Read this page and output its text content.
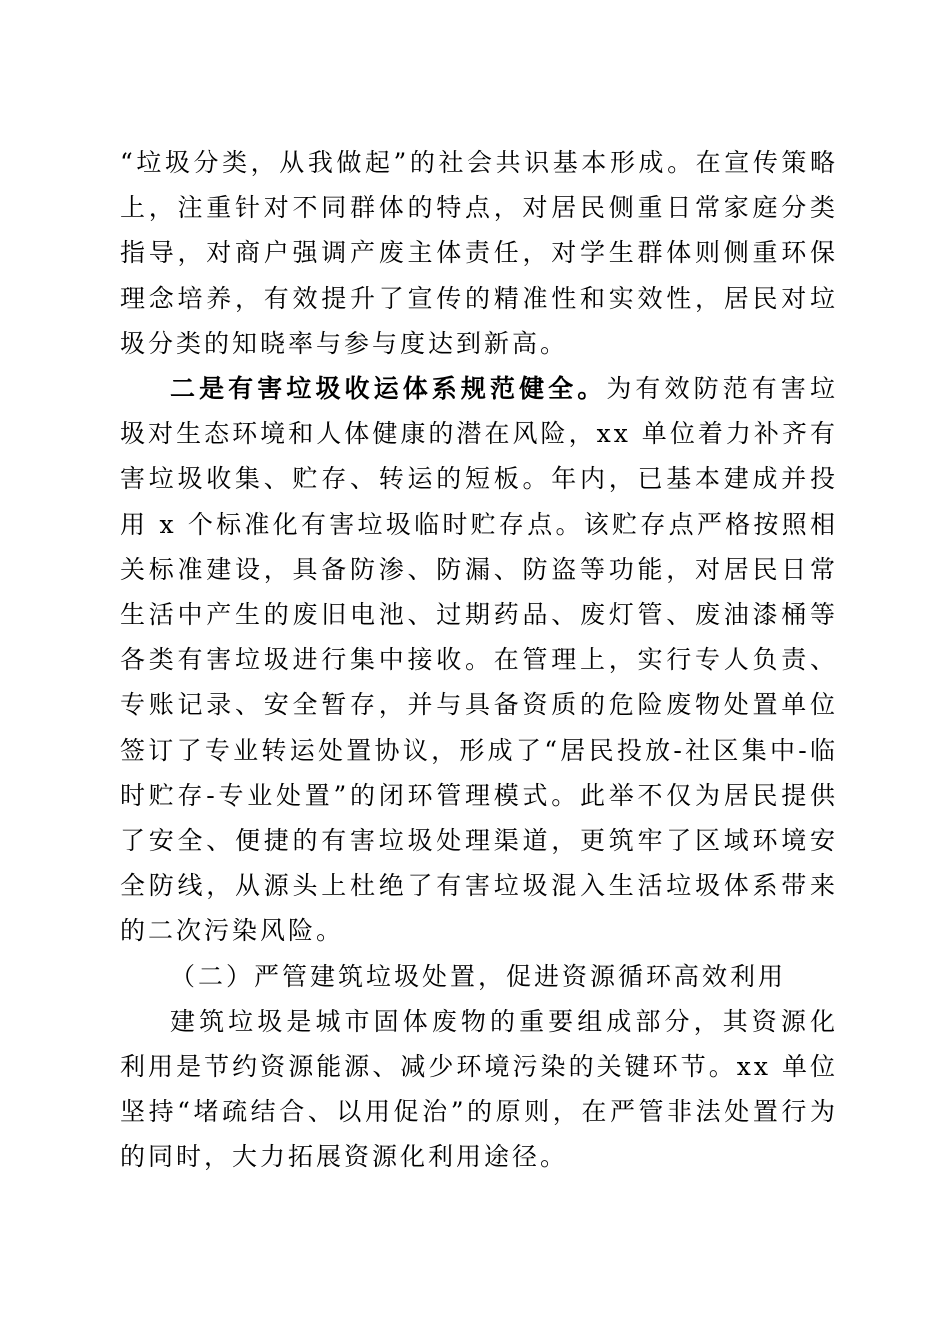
“垃圾分类，从我做起”的社会共识基本形成。在宣传策略上，注重针对不同群体的特点，对居民侧重日常家庭分类指导，对商户强调产废主体责任，对学生群体则侧重环保理念培养，有效提升了宣传的精准性和实效性，居民对垃圾分类的知晓率与参与度达到新高。

二是有害垃圾收运体系规范健全。为有效防范有害垃圾对生态环境和人体健康的潜在风险，xx 单位着力补齐有害垃圾收集、贮存、转运的短板。年内，已基本建成并投用 x 个标准化有害垃圾临时贮存点。该贮存点严格按照相关标准建设，具备防渗、防漏、防盗等功能，对居民日常生活中产生的废旧电池、过期药品、废灯管、废油漆桶等各类有害垃圾进行集中接收。在管理上，实行专人负责、专账记录、安全暂存，并与具备资质的危险废物处置单位签订了专业转运处置协议，形成了“居民投放-社区集中-临时贮存-专业处置”的闭环管理模式。此举不仅为居民提供了安全、便捷的有害垃圾处理渠道，更筑牢了区域环境安全防线，从源头上杜绝了有害垃圾混入生活垃圾体系带来的二次污染风险。

（二）严管建筑垃圾处置，促进资源循环高效利用

建筑垃圾是城市固体废物的重要组成部分，其资源化利用是节约资源能源、减少环境污染的关键环节。xx 单位坚持“堵疏结合、以用促治”的原则，在严管非法处置行为的同时，大力拓展资源化利用途径。
